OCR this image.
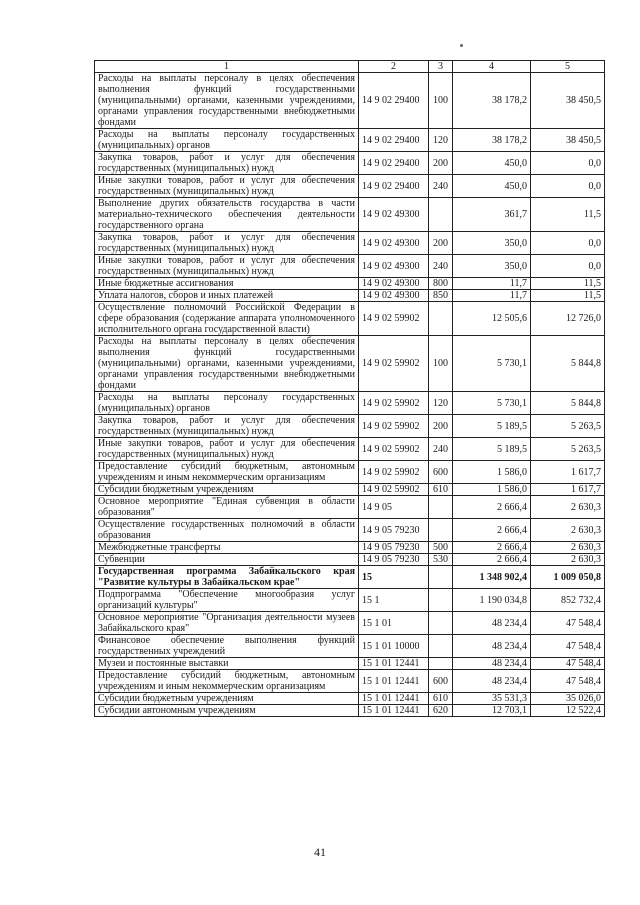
1	2	3	4	5
Расходы на выплаты персоналу в целях обеспечения выполнения функций государственными (муниципальными) органами, казенными учреждениями, органами управления государственными внебюджетными фондами	14 9 02 29400	100	38 178,2	38 450,5
Расходы на выплаты персоналу государственных (муниципальных) органов	14 9 02 29400	120	38 178,2	38 450,5
Закупка товаров, работ и услуг для обеспечения государственных (муниципальных) нужд	14 9 02 29400	200	450,0	0,0
Иные закупки товаров, работ и услуг для обеспечения государственных (муниципальных) нужд	14 9 02 29400	240	450,0	0,0
Выполнение других обязательств государства в части материально-технического обеспечения деятельности государственного органа	14 9 02 49300		361,7	11,5
Закупка товаров, работ и услуг для обеспечения государственных (муниципальных) нужд	14 9 02 49300	200	350,0	0,0
Иные закупки товаров, работ и услуг для обеспечения государственных (муниципальных) нужд	14 9 02 49300	240	350,0	0,0
Иные бюджетные ассигнования	14 9 02 49300	800	11,7	11,5
Уплата налогов, сборов и иных платежей	14 9 02 49300	850	11,7	11,5
Осуществление полномочий Российской Федерации в сфере образования (содержание аппарата уполномоченного исполнительного органа государственной власти)	14 9 02 59902		12 505,6	12 726,0
Расходы на выплаты персоналу в целях обеспечения выполнения функций государственными (муниципальными) органами, казенными учреждениями, органами управления государственными внебюджетными фондами	14 9 02 59902	100	5 730,1	5 844,8
Расходы на выплаты персоналу государственных (муниципальных) органов	14 9 02 59902	120	5 730,1	5 844,8
Закупка товаров, работ и услуг для обеспечения государственных (муниципальных) нужд	14 9 02 59902	200	5 189,5	5 263,5
Иные закупки товаров, работ и услуг для обеспечения государственных (муниципальных) нужд	14 9 02 59902	240	5 189,5	5 263,5
Предоставление субсидий бюджетным, автономным учреждениям и иным некоммерческим организациям	14 9 02 59902	600	1 586,0	1 617,7
Субсидии бюджетным учреждениям	14 9 02 59902	610	1 586,0	1 617,7
Основное мероприятие "Единая субвенция в области образования"	14 9 05		2 666,4	2 630,3
Осуществление государственных полномочий в области образования	14 9 05 79230		2 666,4	2 630,3
Межбюджетные трансферты	14 9 05 79230	500	2 666,4	2 630,3
Субвенции	14 9 05 79230	530	2 666,4	2 630,3
Государственная программа Забайкальского края "Развитие культуры в Забайкальском крае"	15		1 348 902,4	1 009 050,8
Подпрограмма "Обеспечение многообразия услуг организаций культуры"	15 1		1 190 034,8	852 732,4
Основное мероприятие "Организация деятельности музеев Забайкальского края"	15 1 01		48 234,4	47 548,4
Финансовое обеспечение выполнения функций государственных учреждений	15 1 01 10000		48 234,4	47 548,4
Музеи и постоянные выставки	15 1 01 12441		48 234,4	47 548,4
Предоставление субсидий бюджетным, автономным учреждениям и иным некоммерческим организациям	15 1 01 12441	600	48 234,4	47 548,4
Субсидии бюджетным учреждениям	15 1 01 12441	610	35 531,3	35 026,0
Субсидии автономным учреждениям	15 1 01 12441	620	12 703,1	12 522,4
41
